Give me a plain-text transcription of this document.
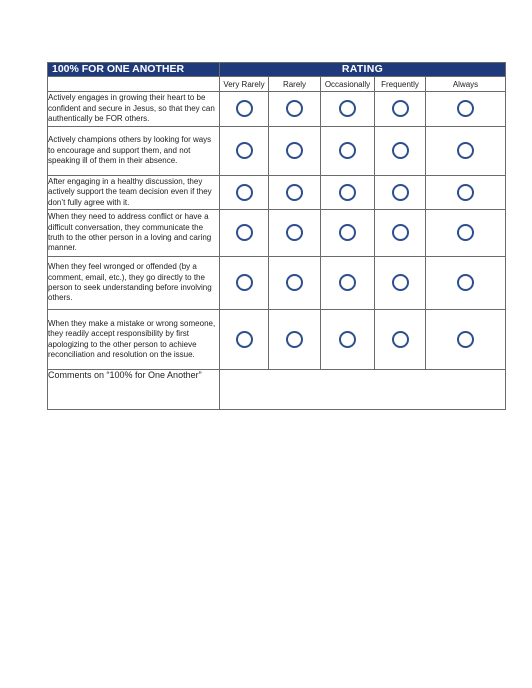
100% FOR ONE ANOTHER	RATING				
	Very Rarely	Rarely	Occasionally	Frequently	Always
Actively engages in growing their heart to be confident and secure in Jesus, so that they can authentically be FOR others.					
Actively champions others by looking for ways to encourage and support them, and not speaking ill of them in their absence.					
After engaging in a healthy discussion, they actively support the team decision even if they don’t fully agree with it.					
When they need to address conflict or have a difficult conversation, they communicate the truth to the other person in a loving and caring manner.					
When they feel wronged or offended (by a comment, email, etc.), they go directly to the person to seek understanding before involving others.					
When they make a mistake or wrong someone, they readily accept responsibility by first apologizing to the other person to achieve reconciliation and resolution on the issue.					
Comments on “100% for One Another”					
